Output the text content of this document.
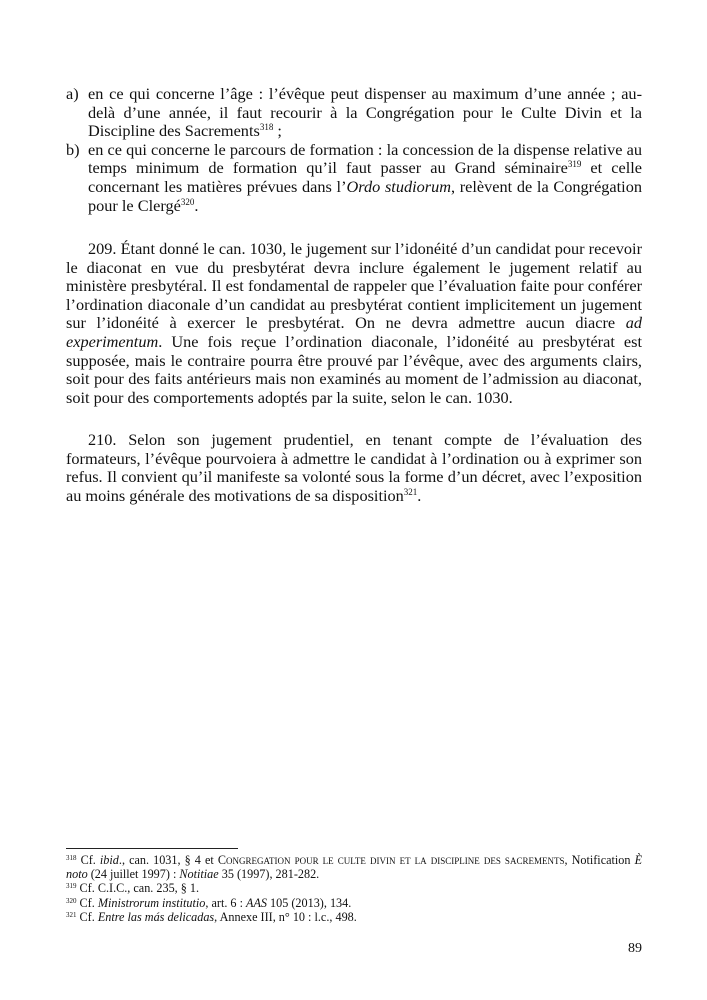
a) en ce qui concerne l’âge : l’évêque peut dispenser au maximum d’une année ; au-delà d’une année, il faut recourir à la Congrégation pour le Culte Divin et la Discipline des Sacrements$^{318}$ ;
b) en ce qui concerne le parcours de formation : la concession de la dispense relative au temps minimum de formation qu’il faut passer au Grand séminaire$^{319}$ et celle concernant les matières prévues dans l’Ordo studiorum, relèvent de la Congrégation pour le Clergé$^{320}$.

209. Étant donné le can. 1030, le jugement sur l’idonéité d’un candidat pour recevoir le diaconat en vue du presbytérat devra inclure également le jugement relatif au ministère presbytéral. Il est fondamental de rappeler que l’évaluation faite pour conférer l’ordination diaconale d’un candidat au presbytérat contient implicitement un jugement sur l’idonéité à exercer le presbytérat. On ne devra admettre aucun diacre ad experimentum. Une fois reçue l’ordination diaconale, l’idonéité au presbytérat est supposée, mais le contraire pourra être prouvé par l’évêque, avec des arguments clairs, soit pour des faits antérieurs mais non examinés au moment de l’admission au diaconat, soit pour des comportements adoptés par la suite, selon le can. 1030.

210. Selon son jugement prudentiel, en tenant compte de l’évaluation des formateurs, l’évêque pourvoiera à admettre le candidat à l’ordination ou à exprimer son refus. Il convient qu’il manifeste sa volonté sous la forme d’un décret, avec l’exposition au moins générale des motivations de sa disposition$^{321}$.

$^{318}$ Cf. ibid., can. 1031, § 4 et Congregation pour le culte divin et la discipline des sacrements, Notification È noto (24 juillet 1997) : Notitiae 35 (1997), 281-282.
$^{319}$ Cf. C.I.C., can. 235, § 1.
$^{320}$ Cf. Ministrorum institutio, art. 6 : AAS 105 (2013), 134.
$^{321}$ Cf. Entre las más delicadas, Annexe III, n° 10 : l.c., 498.
89
